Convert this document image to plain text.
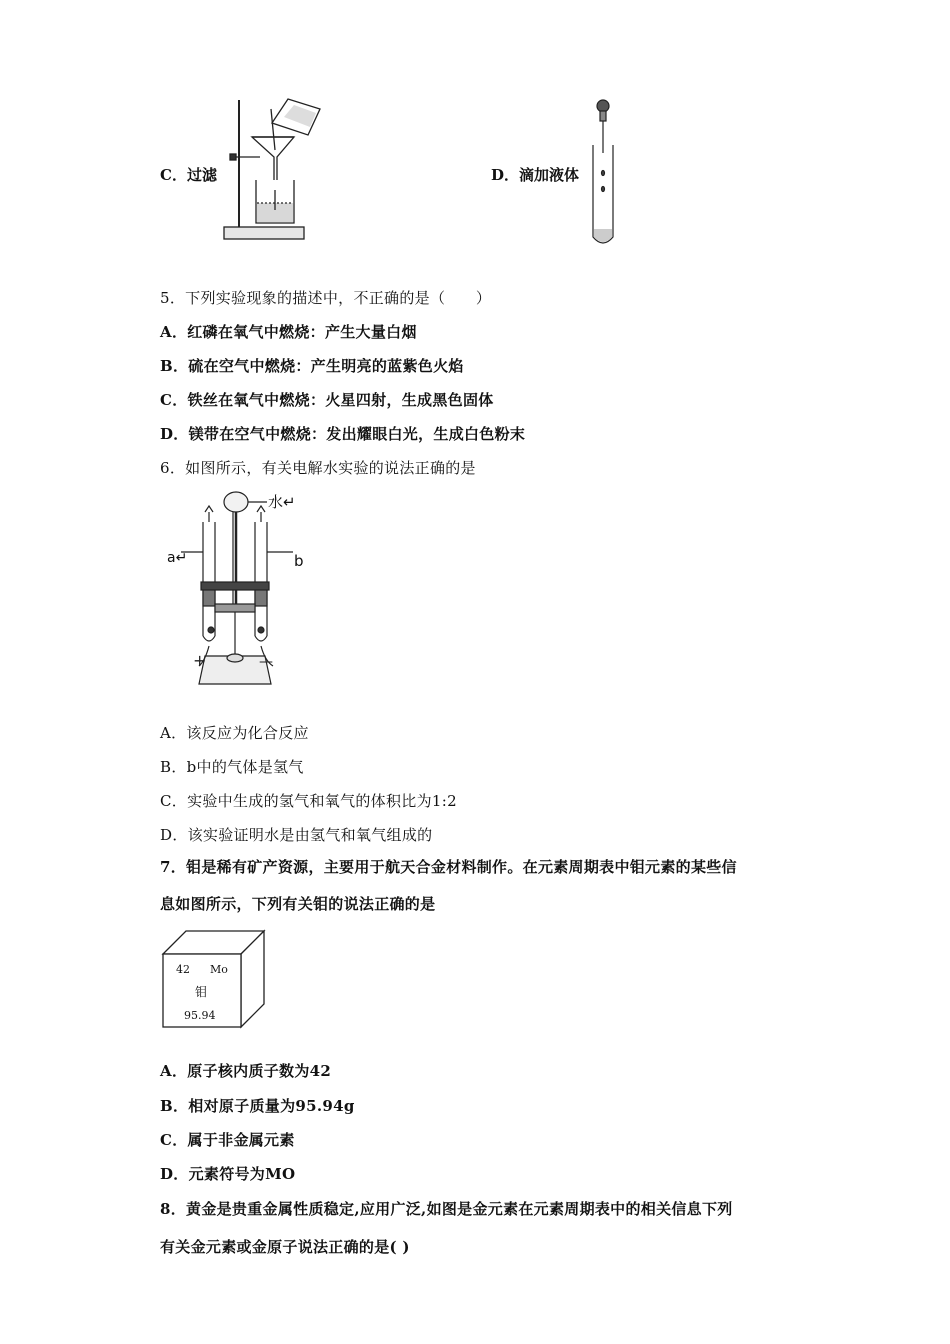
C．过滤	D．滴加液体
5．下列实验现象的描述中，不正确的是（　　）
A．红磷在氧气中燃烧：产生大量白烟
B．硫在空气中燃烧：产生明亮的蓝紫色火焰
C．铁丝在氧气中燃烧：火星四射，生成黑色固体
D．镁带在空气中燃烧：发出耀眼白光，生成白色粉末
6．如图所示，有关电解水实验的说法正确的是
水↵
a↵	b
+	—
A．该反应为化合反应
B．b中的气体是氢气
C．实验中生成的氢气和氧气的体积比为1:2
D．该实验证明水是由氢气和氧气组成的
7．钼是稀有矿产资源，主要用于航天合金材料制作。在元素周期表中钼元素的某些信
息如图所示，下列有关钼的说法正确的是
42 Mo
钼
95.94
A．原子核内质子数为42
B．相对原子质量为95.94g
C．属于非金属元素
D．元素符号为MO
8．黄金是贵重金属性质稳定,应用广泛,如图是金元素在元素周期表中的相关信息下列
有关金元素或金原子说法正确的是( )
